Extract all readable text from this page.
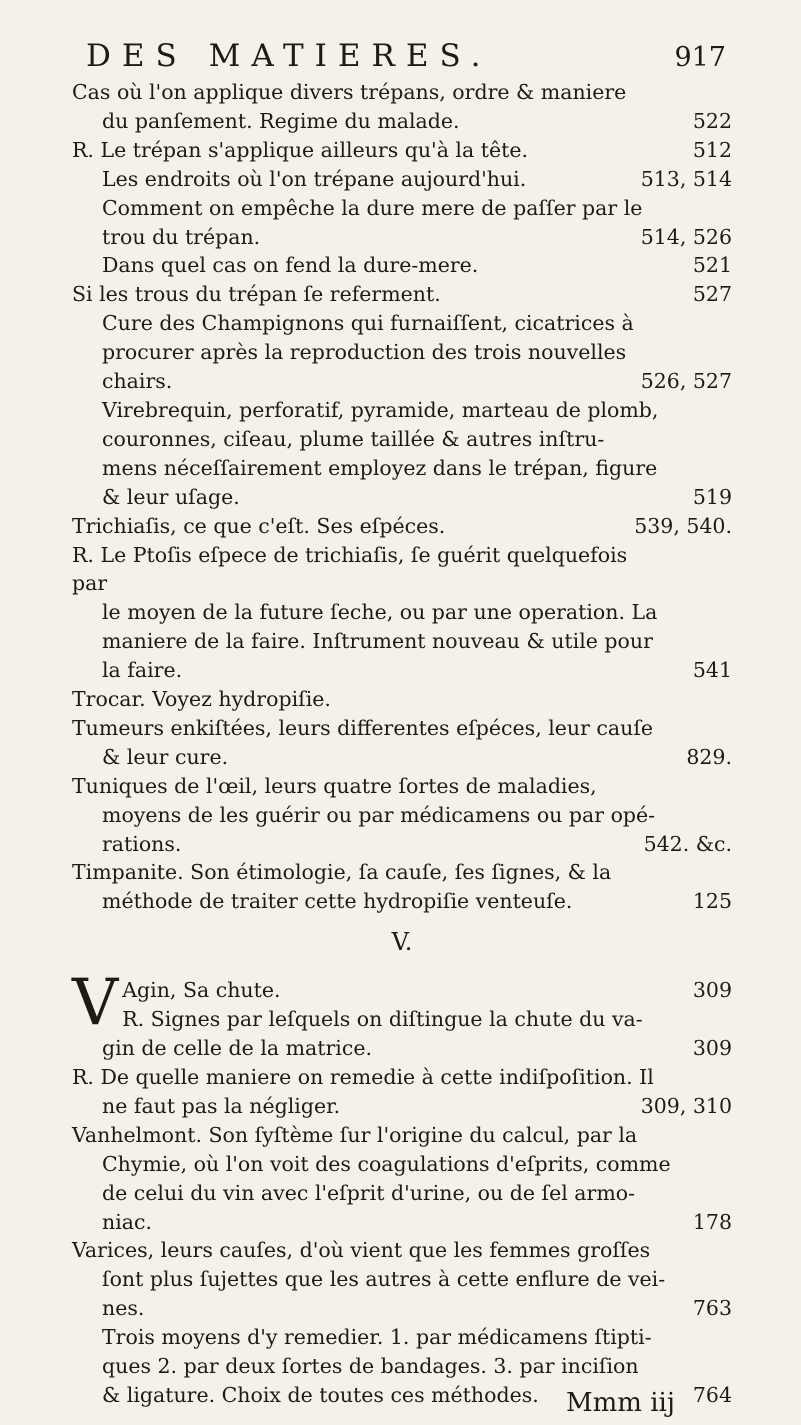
DES MATIERES.	917
Cas où l'on applique divers trépans, ordre & maniere
du panſement. Regime du malade.	522
R. Le trépan s'applique ailleurs qu'à la tête.	512
Les endroits où l'on trépane aujourd'hui.	513, 514
Comment on empêche la dure mere de paſſer par le
trou du trépan.	514, 526
Dans quel cas on fend la dure-mere.	521
Si les trous du trépan ſe referment.	527
Cure des Champignons qui furnaiſſent, cicatrices à
procurer après la reproduction des trois nouvelles
chairs.	526, 527
Virebrequin, perforatif, pyramide, marteau de plomb,
couronnes, ciſeau, plume taillée & autres inſtru-
mens néceſſairement employez dans le trépan, figure
& leur uſage.	519
Trichiaſis, ce que c'eſt. Ses eſpéces.	539, 540.
R. Le Ptoſis eſpece de trichiaſis, ſe guérit quelquefois par
le moyen de la future ſeche, ou par une operation. La
maniere de la faire. Inſtrument nouveau & utile pour
la faire.	541
Trocar. Voyez hydropiſie.
Tumeurs enkiſtées, leurs differentes eſpéces, leur cauſe
& leur cure.	829.
Tuniques de l'œil, leurs quatre ſortes de maladies,
moyens de les guérir ou par médicamens ou par opé-
rations.	542. &c.
Timpanite. Son étimologie, ſa cauſe, ſes ſignes, & la
méthode de traiter cette hydropiſie venteuſe.	125
V.
V Agin, Sa chute.	309
R. Signes par leſquels on diſtingue la chute du va-
gin de celle de la matrice.	309
R. De quelle maniere on remedie à cette indiſpoſition. Il
ne faut pas la négliger.	309, 310
Vanhelmont. Son ſyſtème ſur l'origine du calcul, par la
Chymie, où l'on voit des coagulations d'eſprits, comme
de celui du vin avec l'eſprit d'urine, ou de ſel armo-
niac.	178
Varices, leurs cauſes, d'où vient que les femmes groſſes
ſont plus ſujettes que les autres à cette enflure de vei-
nes.	763
Trois moyens d'y remedier. 1. par médicamens ſtipti-
ques 2. par deux ſortes de bandages. 3. par inciſion
& ligature. Choix de toutes ces méthodes.	764
Mmm iij
